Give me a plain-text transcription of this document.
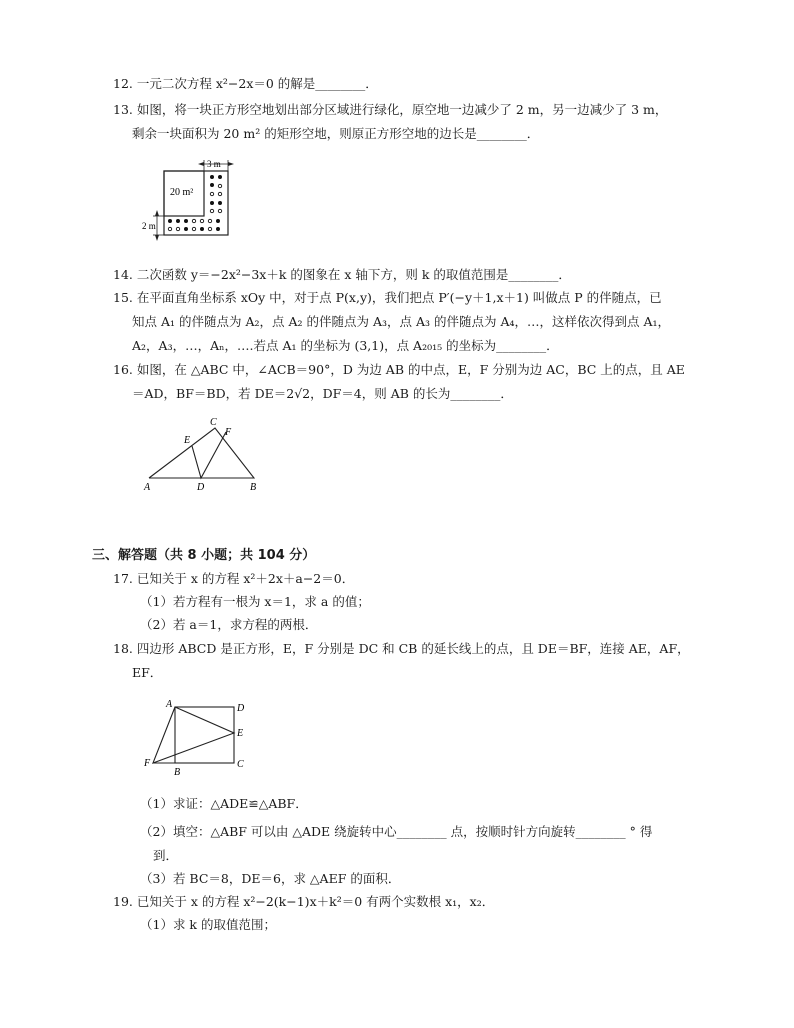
12. 一元二次方程 x²−2x＝0 的解是________．
13. 如图，将一块正方形空地划出部分区域进行绿化，原空地一边减少了 2 m，另一边减少了 3 m，
剩余一块面积为 20 m² 的矩形空地，则原正方形空地的边长是________．
20 m²
3 m
2 m
14. 二次函数 y＝−2x²−3x＋k 的图象在 x 轴下方，则 k 的取值范围是________．
15. 在平面直角坐标系 xOy 中，对于点 P(x,y)，我们把点 P′(−y＋1,x＋1) 叫做点 P 的伴随点，已
知点 A₁ 的伴随点为 A₂，点 A₂ 的伴随点为 A₃，点 A₃ 的伴随点为 A₄，…，这样依次得到点 A₁，
A₂，A₃，…，Aₙ，….若点 A₁ 的坐标为 (3,1)，点 A₂₀₁₅ 的坐标为________．
16. 如图，在 △ABC 中，∠ACB＝90°，D 为边 AB 的中点，E，F 分别为边 AC，BC 上的点，且 AE
＝AD，BF＝BD，若 DE＝2√2，DF＝4，则 AB 的长为________．
A	B
C
D
E
F
三、解答题（共 8 小题；共 104 分）
17. 已知关于 x 的方程 x²＋2x＋a−2＝0．
（1）若方程有一根为 x＝1，求 a 的值；
（2）若 a＝1，求方程的两根．
18. 四边形 ABCD 是正方形，E，F 分别是 DC 和 CB 的延长线上的点，且 DE＝BF，连接 AE，AF，
EF．
A	D
E
C
F
B
（1）求证：△ADE≌△ABF．
（2）填空：△ABF 可以由 △ADE 绕旋转中心________ 点，按顺时针方向旋转________ ° 得
到．
（3）若 BC＝8，DE＝6，求 △AEF 的面积．
19. 已知关于 x 的方程 x²−2(k−1)x＋k²＝0 有两个实数根 x₁，x₂．
（1）求 k 的取值范围；
